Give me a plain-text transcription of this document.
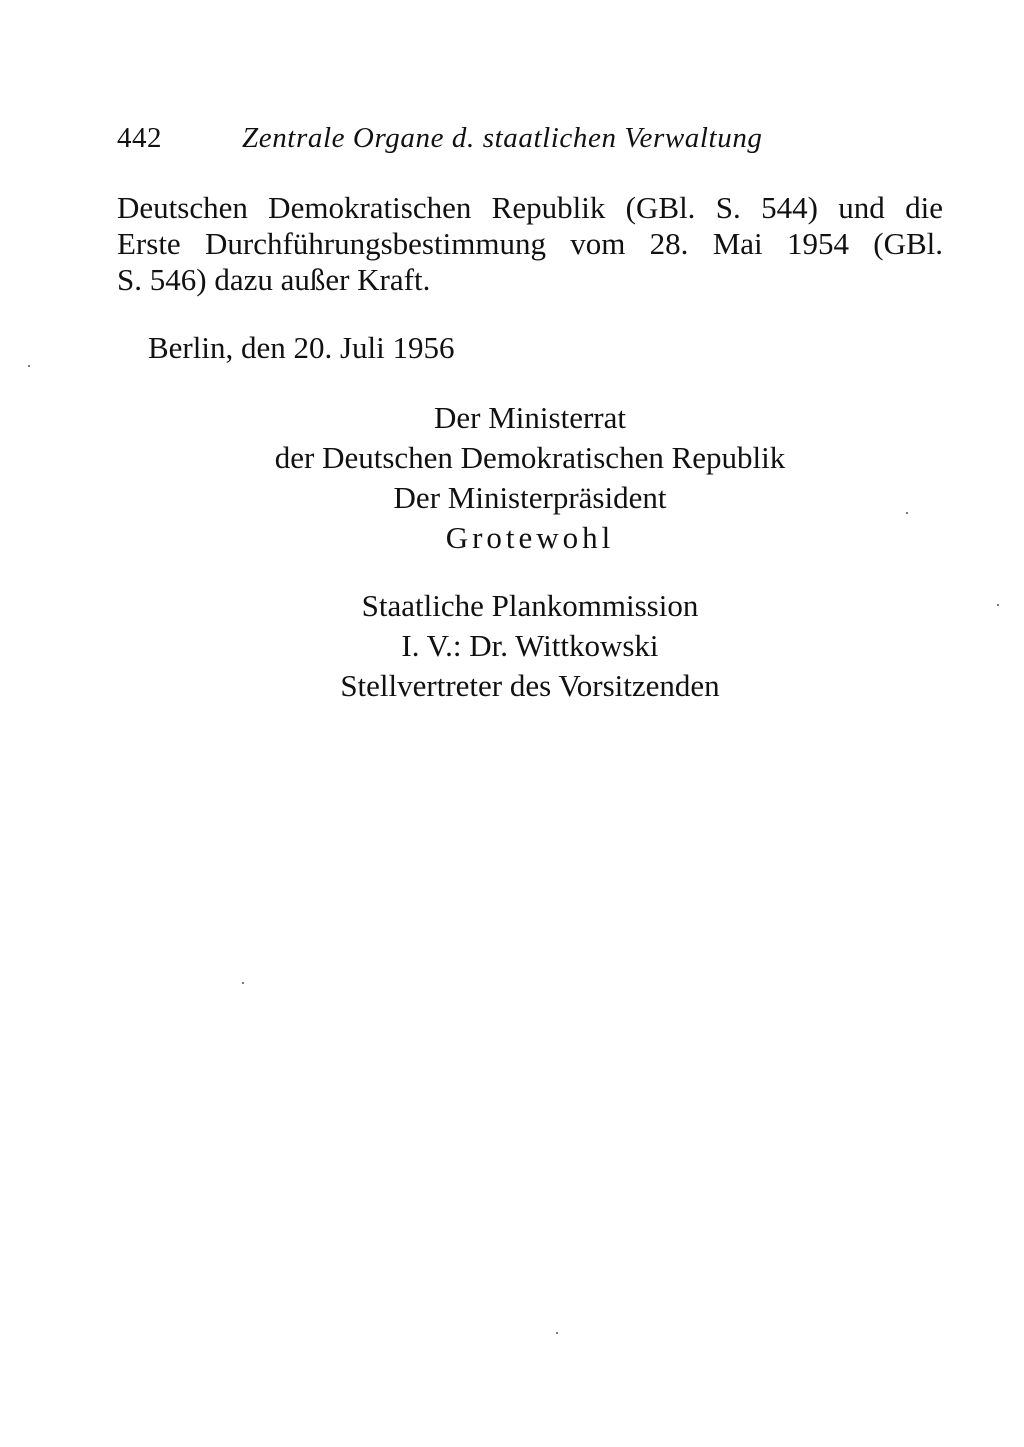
442	Zentrale Organe d. staatlichen Verwaltung
Deutschen Demokratischen Republik (GBl. S. 544) und die
Erste Durchführungsbestimmung vom 28. Mai 1954 (GBl.
S. 546) dazu außer Kraft.
Berlin, den 20. Juli 1956
Der Ministerrat
der Deutschen Demokratischen Republik
Der Ministerpräsident
Grotewohl
Staatliche Plankommission
I. V.: Dr. Wittkowski
Stellvertreter des Vorsitzenden
